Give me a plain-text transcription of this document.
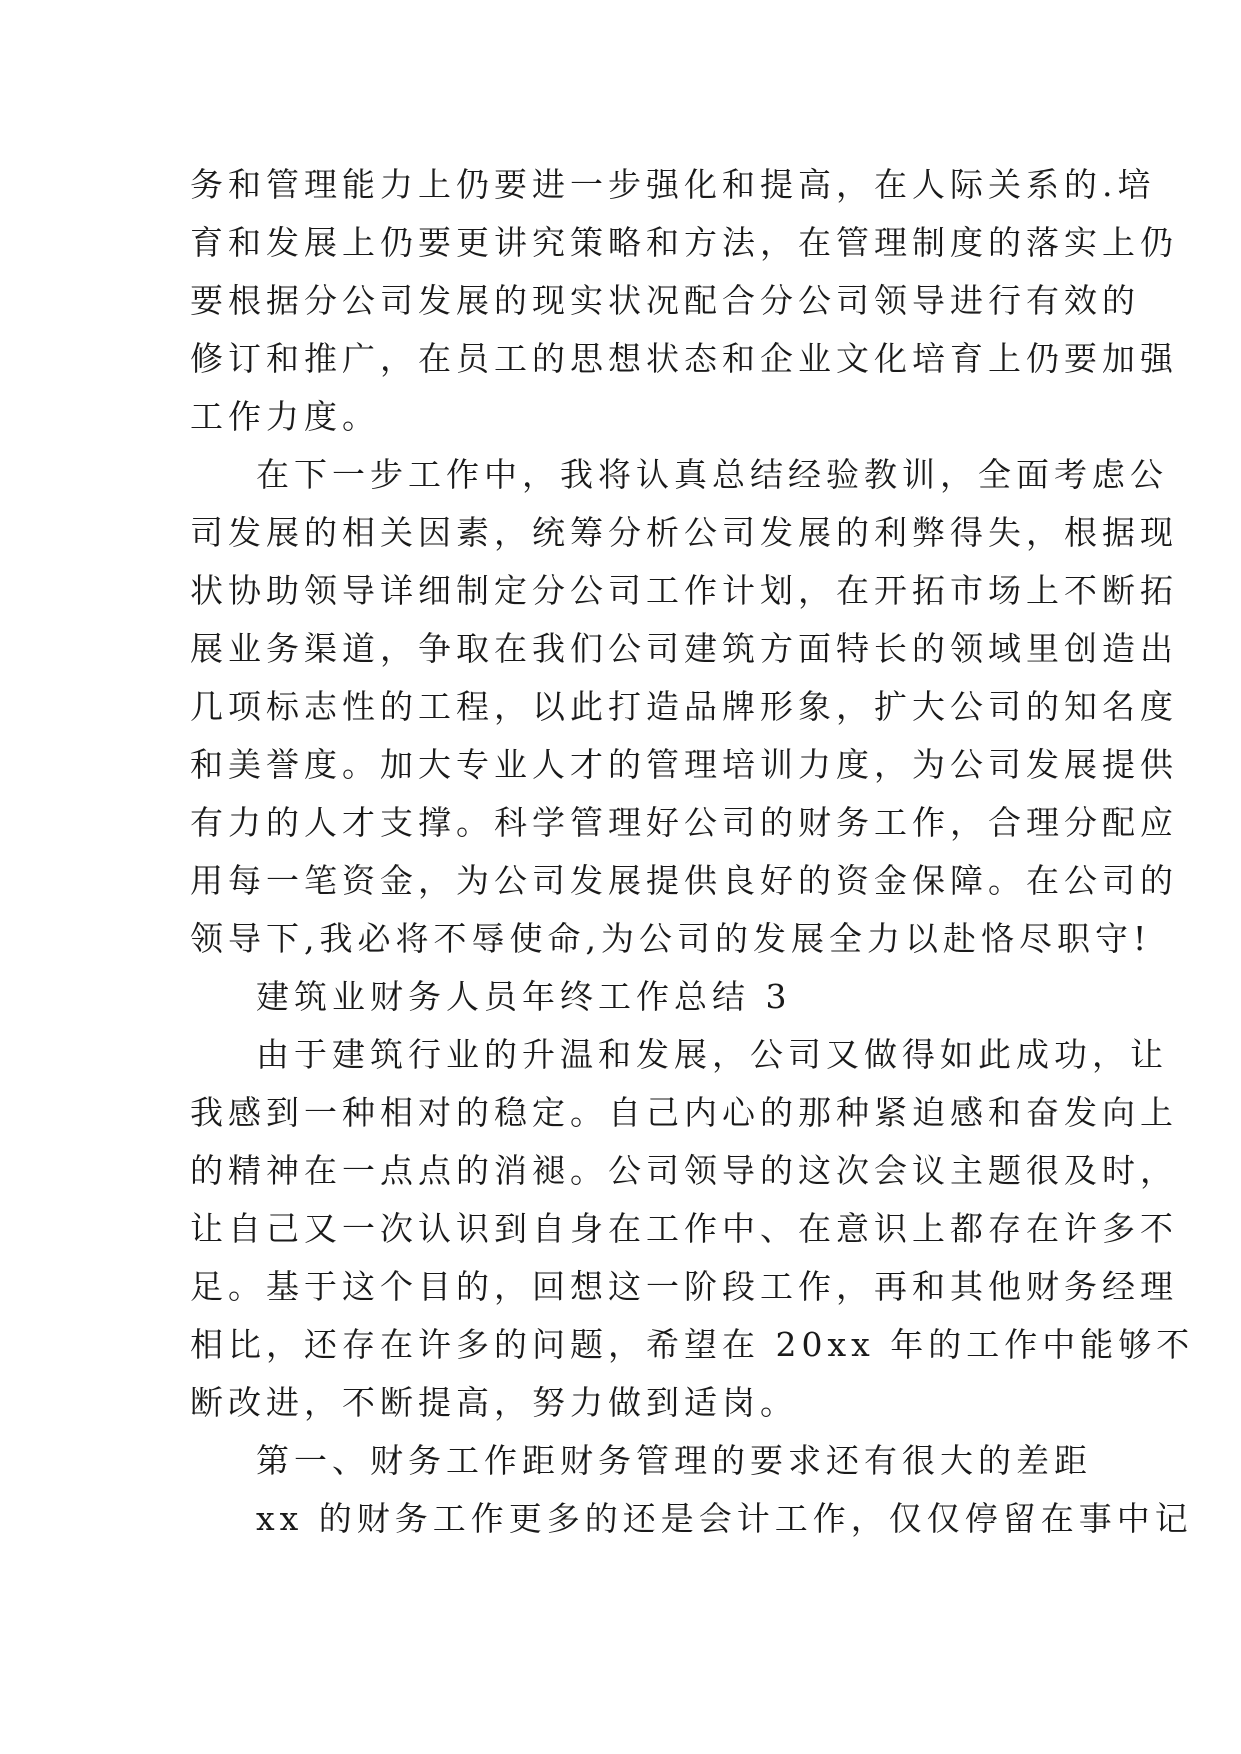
务和管理能力上仍要进一步强化和提高，在人际关系的.培
育和发展上仍要更讲究策略和方法，在管理制度的落实上仍
要根据分公司发展的现实状况配合分公司领导进行有效的
修订和推广，在员工的思想状态和企业文化培育上仍要加强
工作力度。
在下一步工作中，我将认真总结经验教训，全面考虑公
司发展的相关因素，统筹分析公司发展的利弊得失，根据现
状协助领导详细制定分公司工作计划，在开拓市场上不断拓
展业务渠道，争取在我们公司建筑方面特长的领域里创造出
几项标志性的工程，以此打造品牌形象，扩大公司的知名度
和美誉度。加大专业人才的管理培训力度，为公司发展提供
有力的人才支撑。科学管理好公司的财务工作，合理分配应
用每一笔资金，为公司发展提供良好的资金保障。在公司的
领导下,我必将不辱使命,为公司的发展全力以赴恪尽职守!
建筑业财务人员年终工作总结 3
由于建筑行业的升温和发展，公司又做得如此成功，让
我感到一种相对的稳定。自己内心的那种紧迫感和奋发向上
的精神在一点点的消褪。公司领导的这次会议主题很及时，
让自己又一次认识到自身在工作中、在意识上都存在许多不
足。基于这个目的，回想这一阶段工作，再和其他财务经理
相比，还存在许多的问题，希望在 20xx 年的工作中能够不
断改进，不断提高，努力做到适岗。
第一、财务工作距财务管理的要求还有很大的差距
xx 的财务工作更多的还是会计工作，仅仅停留在事中记
